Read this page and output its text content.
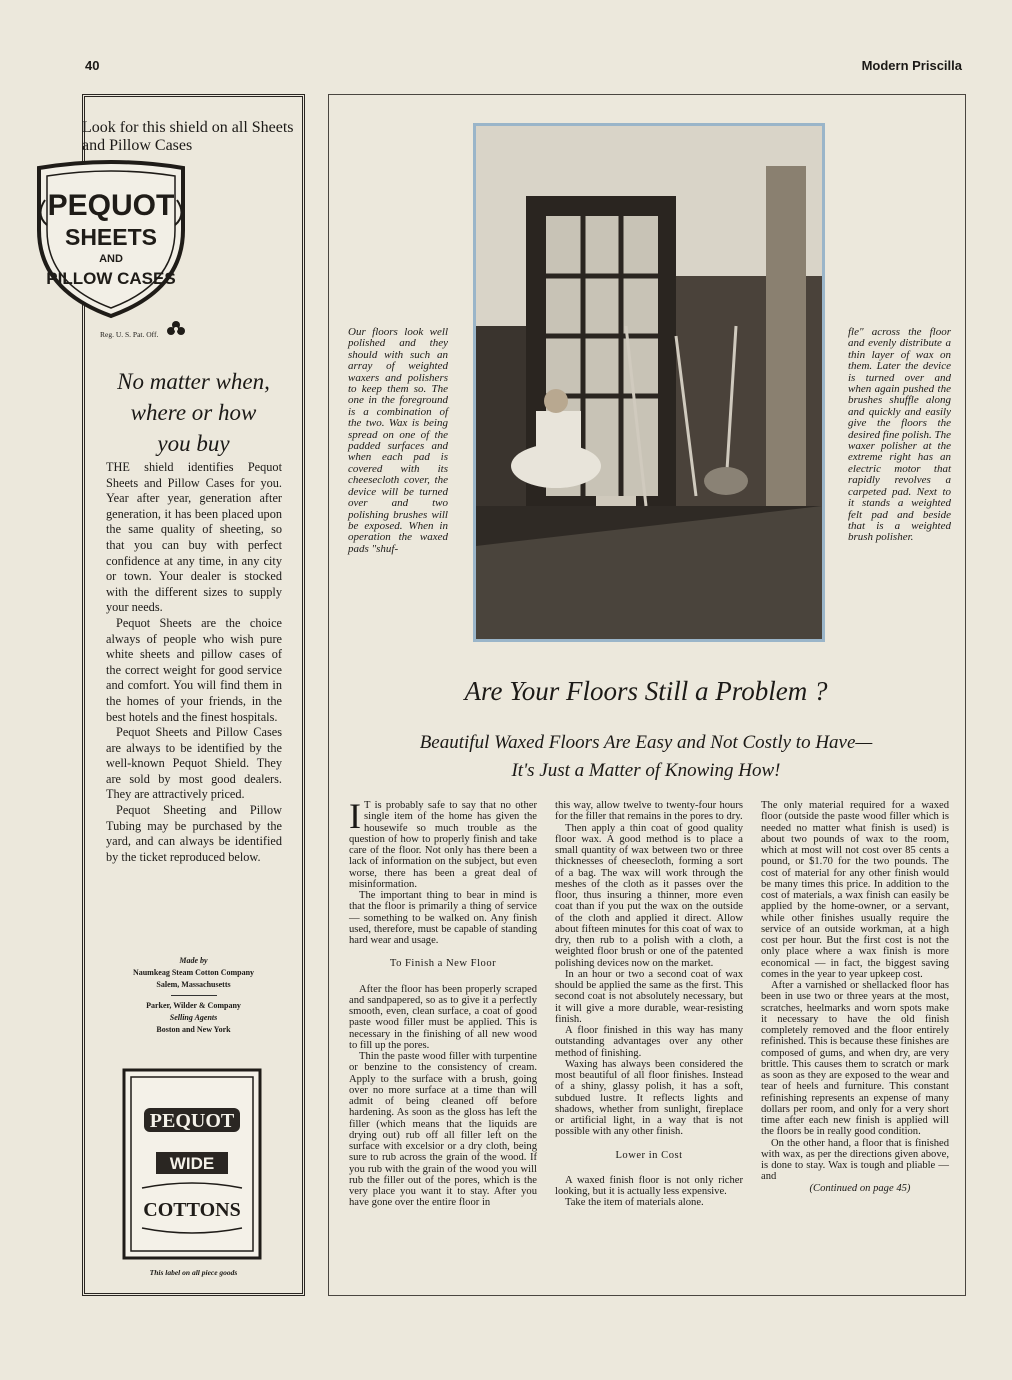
40	Modern Priscilla
Look for this shield on all Sheets
and Pillow Cases
PEQUOT
SHEETS
AND
PILLOW CASES
Reg. U. S. Pat. Off.
No matter when,
where or how
you buy

THE shield identifies Pequot Sheets and Pillow Cases for you. Year after year, generation after generation, it has been placed upon the same quality of sheeting, so that you can buy with perfect confidence at any time, in any city or town. Your dealer is stocked with the different sizes to supply your needs.

Pequot Sheets are the choice always of people who wish pure white sheets and pillow cases of the correct weight for good service and comfort. You will find them in the homes of your friends, in the best hotels and the finest hospitals.

Pequot Sheets and Pillow Cases are always to be identified by the well-known Pequot Shield. They are sold by most good dealers. They are attractively priced.

Pequot Sheeting and Pillow Tubing may be purchased by the yard, and can always be identified by the ticket reproduced below.

Made by
Naumkeag Steam Cotton Company
Salem, Massachusetts
Parker, Wilder & Company
Selling Agents
Boston and New York
PEQUOT
WIDE
COTTONS
This label on all piece goods
Our floors look well polished and they should with such an array of weighted waxers and polishers to keep them so. The one in the foreground is a combination of the two. Wax is being spread on one of the padded surfaces and when each pad is covered with its cheesecloth cover, the device will be turned over and two polishing brushes will be exposed. When in operation the waxed pads "shuf-
fle" across the floor and evenly distribute a thin layer of wax on them. Later the device is turned over and when again pushed the brushes shuffle along and quickly and easily give the floors the desired fine polish. The waxer polisher at the extreme right has an electric motor that rapidly revolves a carpeted pad. Next to it stands a weighted felt pad and beside that is a weighted brush polisher.
Are Your Floors Still a Problem ?
Beautiful Waxed Floors Are Easy and Not Costly to Have—
It's Just a Matter of Knowing How!

I T is probably safe to say that no other single item of the home has given the housewife so much trouble as the question of how to properly finish and take care of the floor. Not only has there been a lack of information on the subject, but even worse, there has been a great deal of misinformation.

The important thing to bear in mind is that the floor is primarily a thing of service — something to be walked on. Any finish used, therefore, must be capable of standing hard wear and usage.

To Finish a New Floor

After the floor has been properly scraped and sandpapered, so as to give it a perfectly smooth, even, clean surface, a coat of good paste wood filler must be applied. This is necessary in the finishing of all new wood to fill up the pores.

Thin the paste wood filler with turpentine or benzine to the consistency of cream. Apply to the surface with a brush, going over no more surface at a time than will admit of being cleaned off before hardening. As soon as the gloss has left the filler (which means that the liquids are drying out) rub off all filler left on the surface with excelsior or a dry cloth, being sure to rub across the grain of the wood. If you rub with the grain of the wood you will rub the filler out of the pores, which is the very place you want it to stay. After you have gone over the entire floor in

this way, allow twelve to twenty-four hours for the filler that remains in the pores to dry.

Then apply a thin coat of good quality floor wax. A good method is to place a small quantity of wax between two or three thicknesses of cheesecloth, forming a sort of a bag. The wax will work through the meshes of the cloth as it passes over the floor, thus insuring a thinner, more even coat than if you put the wax on the outside of the cloth and applied it direct. Allow about fifteen minutes for this coat of wax to dry, then rub to a polish with a cloth, a weighted floor brush or one of the patented polishing devices now on the market.

In an hour or two a second coat of wax should be applied the same as the first. This second coat is not absolutely necessary, but it will give a more durable, wear-resisting finish.

A floor finished in this way has many outstanding advantages over any other method of finishing.

Waxing has always been considered the most beautiful of all floor finishes. Instead of a shiny, glassy polish, it has a soft, subdued lustre. It reflects lights and shadows, whether from sunlight, fireplace or artificial light, in a way that is not possible with any other finish.

Lower in Cost

A waxed finish floor is not only richer looking, but it is actually less expensive.

Take the item of materials alone.

The only material required for a waxed floor (outside the paste wood filler which is needed no matter what finish is used) is about two pounds of wax to the room, which at most will not cost over 85 cents a pound, or $1.70 for the two pounds. The cost of material for any other finish would be many times this price. In addition to the cost of materials, a wax finish can easily be applied by the home-owner, or a servant, while other finishes usually require the service of an outside workman, at a high cost per hour. But the first cost is not the only place where a wax finish is more economical — in fact, the biggest saving comes in the year to year upkeep cost.

After a varnished or shellacked floor has been in use two or three years at the most, scratches, heelmarks and worn spots make it necessary to have the old finish completely removed and the floor entirely refinished. This is because these finishes are composed of gums, and when dry, are very brittle. This causes them to scratch or mark as soon as they are exposed to the wear and tear of heels and furniture. This constant refinishing represents an expense of many dollars per room, and only for a very short time after each new finish is applied will the floors be in really good condition.

On the other hand, a floor that is finished with wax, as per the directions given above, is done to stay. Wax is tough and pliable — and

(Continued on page 45)
